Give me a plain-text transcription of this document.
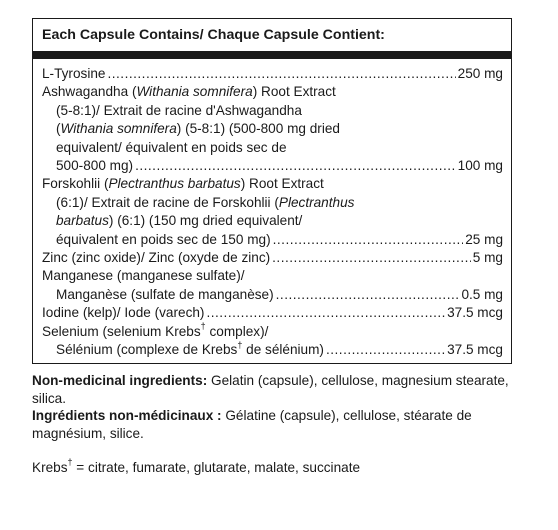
Each Capsule Contains/ Chaque Capsule Contient:
L-Tyrosine .....	250 mg
Ashwagandha (Withania somnifera) Root Extract
(5-8:1)/ Extrait de racine d'Ashwagandha
(Withania somnifera) (5-8:1) (500-800 mg dried
equivalent/ équivalent en poids sec de
500-800 mg) .....	100 mg
Forskohlii (Plectranthus barbatus) Root Extract
(6:1)/ Extrait de racine de Forskohlii (Plectranthus
barbatus) (6:1) (150 mg dried equivalent/
équivalent en poids sec de 150 mg) .....	25 mg
Zinc (zinc oxide)/ Zinc (oxyde de zinc) .....	5 mg
Manganese (manganese sulfate)/
Manganèse (sulfate de manganèse) .....	0.5 mg
Iodine (kelp)/ Iode (varech) .....	37.5 mcg
Selenium (selenium Krebs† complex)/
Sélénium (complexe de Krebs† de sélénium) .....	37.5 mcg
Non-medicinal ingredients: Gelatin (capsule), cellulose, magnesium stearate, silica.
Ingrédients non-médicinaux : Gélatine (capsule), cellulose, stéarate de magnésium, silice.
Krebs† = citrate, fumarate, glutarate, malate, succinate
